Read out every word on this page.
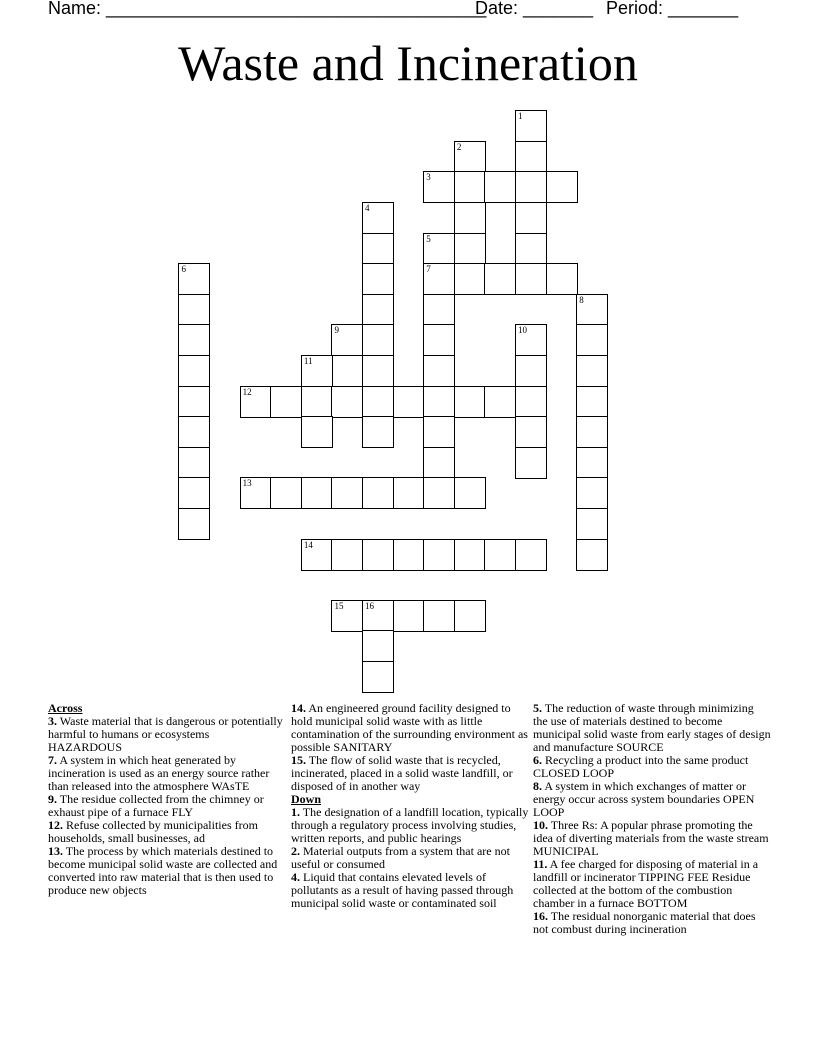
Name: ______________________________________
Date: _______ Period: _______
Waste and Incineration
1
2
3
4
5
6	7
8
9	10
11
12
13
14
15 16

Across

3. Waste material that is dangerous or potentially harmful to humans or ecosystems HAZARDOUS

7. A system in which heat generated by incineration is used as an energy source rather than released into the atmosphere WAsTE

9. The residue collected from the chimney or exhaust pipe of a furnace FLY

12. Refuse collected by municipalities from households, small businesses, ad

13. The process by which materials destined to become municipal solid waste are collected and converted into raw material that is then used to produce new objects

14. An engineered ground facility designed to hold municipal solid waste with as little contamination of the surrounding environment as possible SANITARY

15. The flow of solid waste that is recycled, incinerated, placed in a solid waste landfill, or disposed of in another way

Down

1. The designation of a landfill location, typically through a regulatory process involving studies, written reports, and public hearings

2. Material outputs from a system that are not useful or consumed

4. Liquid that contains elevated levels of pollutants as a result of having passed through municipal solid waste or contaminated soil

5. The reduction of waste through minimizing the use of materials destined to become municipal solid waste from early stages of design and manufacture SOURCE

6. Recycling a product into the same product CLOSED LOOP

8. A system in which exchanges of matter or energy occur across system boundaries OPEN LOOP

10. Three Rs: A popular phrase promoting the idea of diverting materials from the waste stream MUNICIPAL

11. A fee charged for disposing of material in a landfill or incinerator TIPPING FEE Residue collected at the bottom of the combustion chamber in a furnace BOTTOM

16. The residual nonorganic material that does not combust during incineration
